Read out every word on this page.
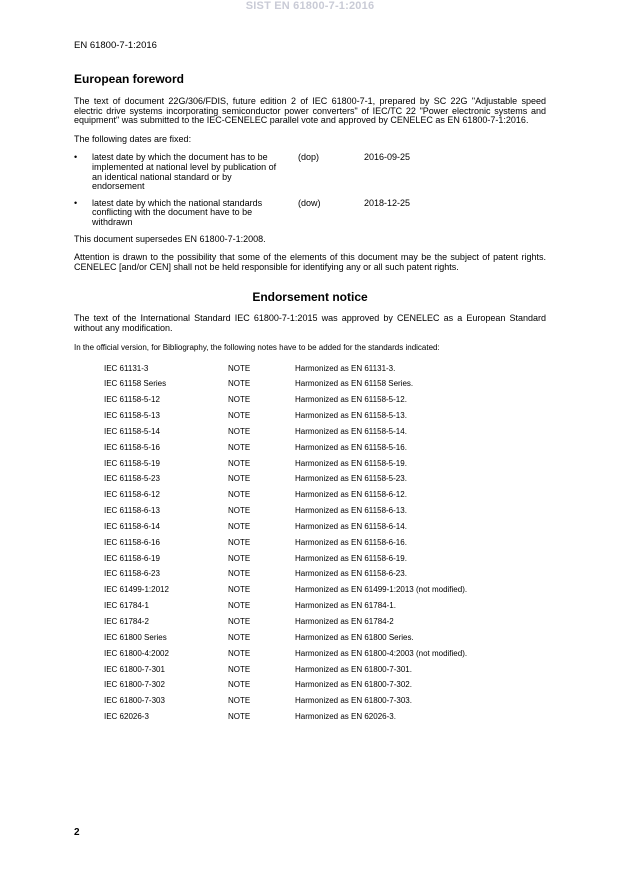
SIST EN 61800-7-1:2016
EN 61800-7-1:2016
European foreword

The text of document 22G/306/FDIS, future edition 2 of IEC 61800-7-1, prepared by SC 22G "Adjustable speed electric drive systems incorporating semiconductor power converters" of IEC/TC 22 "Power electronic systems and equipment" was submitted to the IEC-CENELEC parallel vote and approved by CENELEC as EN 61800-7-1:2016.

The following dates are fixed:

•	latest date by which the document has to be implemented at national level by publication of an identical national standard or by endorsement
(dop)	2016-09-25
•	latest date by which the national standards conflicting with the document have to be withdrawn
(dow)	2018-12-25

This document supersedes EN 61800-7-1:2008.

Attention is drawn to the possibility that some of the elements of this document may be the subject of patent rights. CENELEC [and/or CEN] shall not be held responsible for identifying any or all such patent rights.

Endorsement notice

The text of the International Standard IEC 61800-7-1:2015 was approved by CENELEC as a European Standard without any modification.

In the official version, for Bibliography, the following notes have to be added for the standards indicated:

IEC 61131-3	NOTE	Harmonized as EN 61131-3.
IEC 61158 Series	NOTE	Harmonized as EN 61158 Series.
IEC 61158-5-12	NOTE	Harmonized as EN 61158-5-12.
IEC 61158-5-13	NOTE	Harmonized as EN 61158-5-13.
IEC 61158-5-14	NOTE	Harmonized as EN 61158-5-14.
IEC 61158-5-16	NOTE	Harmonized as EN 61158-5-16.
IEC 61158-5-19	NOTE	Harmonized as EN 61158-5-19.
IEC 61158-5-23	NOTE	Harmonized as EN 61158-5-23.
IEC 61158-6-12	NOTE	Harmonized as EN 61158-6-12.
IEC 61158-6-13	NOTE	Harmonized as EN 61158-6-13.
IEC 61158-6-14	NOTE	Harmonized as EN 61158-6-14.
IEC 61158-6-16	NOTE	Harmonized as EN 61158-6-16.
IEC 61158-6-19	NOTE	Harmonized as EN 61158-6-19.
IEC 61158-6-23	NOTE	Harmonized as EN 61158-6-23.
IEC 61499-1:2012	NOTE	Harmonized as EN 61499-1:2013 (not modified).
IEC 61784-1	NOTE	Harmonized as EN 61784-1.
IEC 61784-2	NOTE	Harmonized as EN 61784-2
IEC 61800 Series	NOTE	Harmonized as EN 61800 Series.
IEC 61800-4:2002	NOTE	Harmonized as EN 61800-4:2003 (not modified).
IEC 61800-7-301	NOTE	Harmonized as EN 61800-7-301.
IEC 61800-7-302	NOTE	Harmonized as EN 61800-7-302.
IEC 61800-7-303	NOTE	Harmonized as EN 61800-7-303.
IEC 62026-3	NOTE	Harmonized as EN 62026-3.
2
